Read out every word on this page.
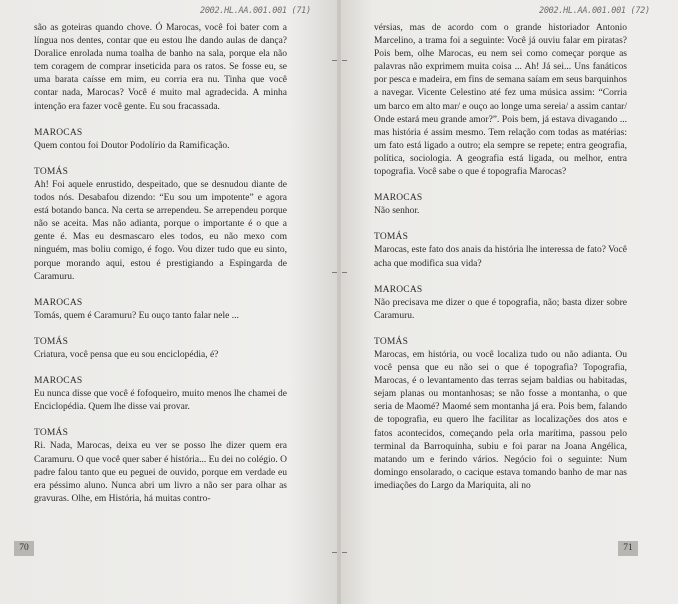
2002.HL.AA.001.001 (71)

são as goteiras quando chove. Ó Marocas, você foi bater com a língua nos dentes, contar que eu estou lhe dando aulas de dança? Doralice enrolada numa toalha de banho na sala, porque ela não tem coragem de comprar inseticida para os ratos. Se fosse eu, se uma barata caísse em mim, eu corria era nu. Tinha que você contar nada, Marocas? Você é muito mal agradecida. A minha intenção era fazer você gente. Eu sou fracassada.

MAROCAS

Quem contou foi Doutor Podolírio da Ramificação.

TOMÁS

Ah! Foi aquele enrustido, despeitado, que se desnudou diante de todos nós. Desabafou dizendo: “Eu sou um impotente” e agora está botando banca. Na certa se arrependeu. Se arrependeu porque não se aceita. Mas não adianta, porque o importante é o que a gente é. Mas eu desmascaro eles todos, eu não mexo com ninguém, mas boliu comigo, é fogo. Vou dizer tudo que eu sinto, porque morando aqui, estou é prestigiando a Espingarda de Caramuru.

MAROCAS

Tomás, quem é Caramuru? Eu ouço tanto falar nele ...

TOMÁS

Criatura, você pensa que eu sou enciclopédia, é?

MAROCAS

Eu nunca disse que você é fofoqueiro, muito menos lhe chamei de Enciclopédia. Quem lhe disse vai provar.

TOMÁS

Ri. Nada, Marocas, deixa eu ver se posso lhe dizer quem era Caramuru. O que você quer saber é história... Eu dei no colégio. O padre falou tanto que eu peguei de ouvido, porque em verdade eu era péssimo aluno. Nunca abri um livro a não ser para olhar as gravuras. Olhe, em História, há muitas contro-

70
2002.HL.AA.001.001 (72)

vérsias, mas de acordo com o grande historiador Antonio Marcelino, a trama foi a seguinte: Você já ouviu falar em piratas? Pois bem, olhe Marocas, eu nem sei como começar porque as palavras não exprimem muita coisa ... Ah! Já sei... Uns fanáticos por pesca e madeira, em fins de semana saíam em seus barquinhos a navegar. Vicente Celestino até fez uma música assim: “Corria um barco em alto mar/ e ouço ao longe uma sereia/ a assim cantar/ Onde estará meu grande amor?”. Pois bem, já estava divagando ... mas história é assim mesmo. Tem relação com todas as matérias: um fato está ligado a outro; ela sempre se repete; entra geografia, política, sociologia. A geografia está ligada, ou melhor, entra topografia. Você sabe o que é topografia Marocas?

MAROCAS

Não senhor.

TOMÁS

Marocas, este fato dos anais da história lhe interessa de fato? Você acha que modifica sua vida?

MAROCAS

Não precisava me dizer o que é topografia, não; basta dizer sobre Caramuru.

TOMÁS

Marocas, em história, ou você localiza tudo ou não adianta. Ou você pensa que eu não sei o que é topografia? Topografia, Marocas, é o levantamento das terras sejam baldias ou habitadas, sejam planas ou montanhosas; se não fosse a montanha, o que seria de Maomé? Maomé sem montanha já era. Pois bem, falando de topografia, eu quero lhe facilitar as localizações dos atos e fatos acontecidos, começando pela orla marítima, passou pelo terminal da Barroquinha, subiu e foi parar na Joana Angélica, matando um e ferindo vários. Negócio foi o seguinte: Num domingo ensolarado, o cacique estava tomando banho de mar nas imediações do Largo da Mariquita, ali no

71
